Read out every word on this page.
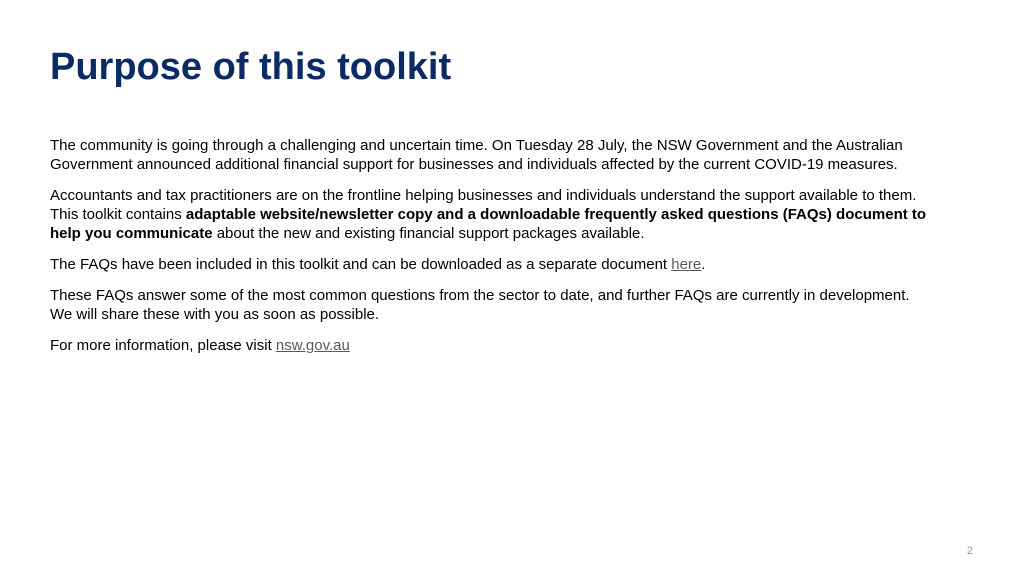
Purpose of this toolkit

The community is going through a challenging and uncertain time. On Tuesday 28 July, the NSW Government and the Australian Government announced additional financial support for businesses and individuals affected by the current COVID-19 measures.

Accountants and tax practitioners are on the frontline helping businesses and individuals understand the support available to them. This toolkit contains adaptable website/newsletter copy and a downloadable frequently asked questions (FAQs) document to help you communicate about the new and existing financial support packages available.

The FAQs have been included in this toolkit and can be downloaded as a separate document here.

These FAQs answer some of the most common questions from the sector to date, and further FAQs are currently in development. We will share these with you as soon as possible.

For more information, please visit nsw.gov.au

2
